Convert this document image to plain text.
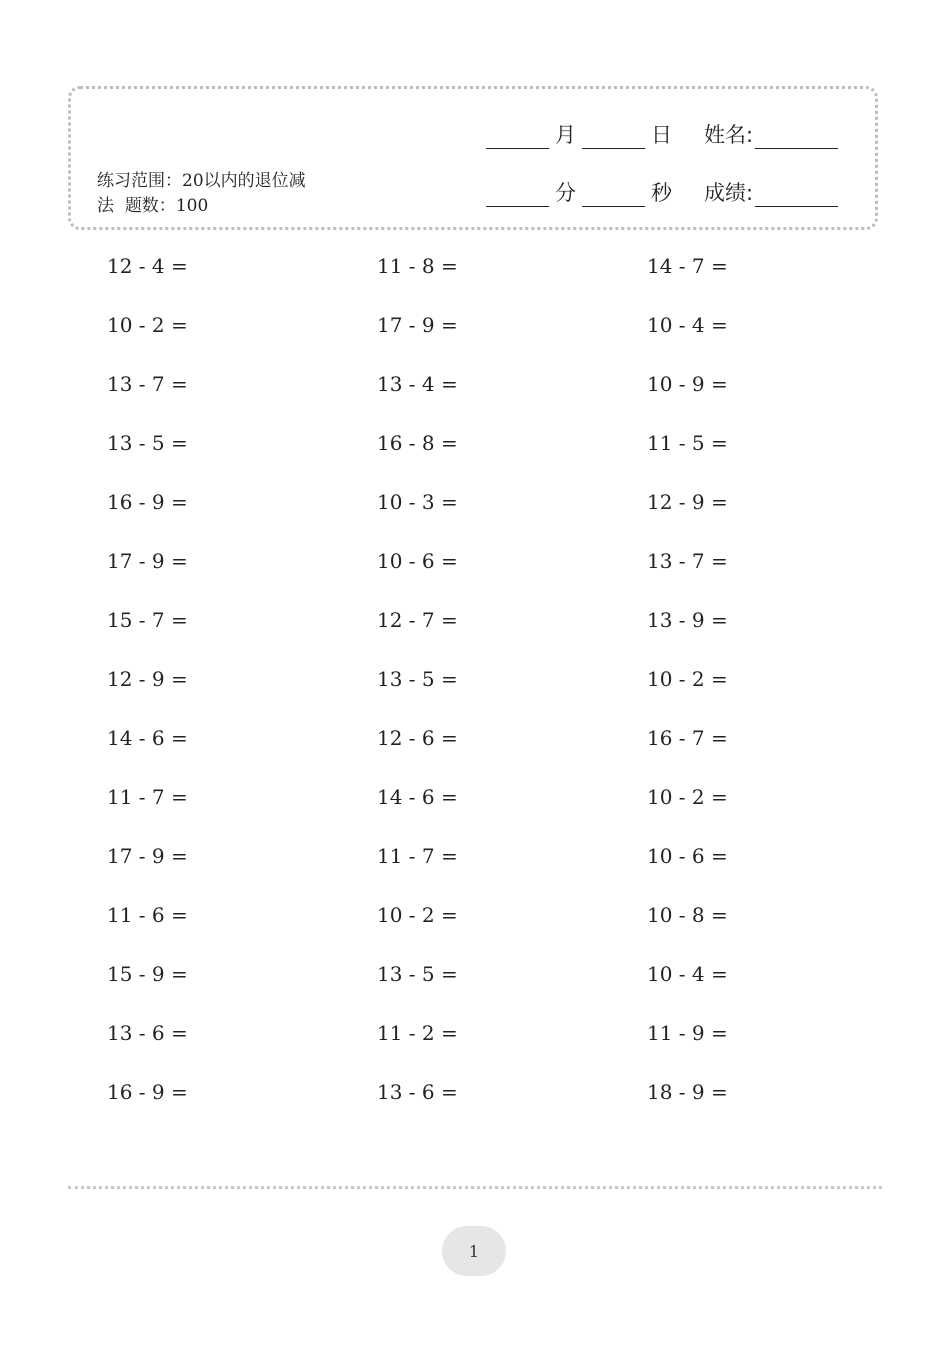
练习范围：20以内的退位减法 题数：100
月	日 姓名:
分	秒 成绩:
12 - 4 =	11 - 8 =	14 - 7 =
10 - 2 =	17 - 9 =	10 - 4 =
13 - 7 =	13 - 4 =	10 - 9 =
13 - 5 =	16 - 8 =	11 - 5 =
16 - 9 =	10 - 3 =	12 - 9 =
17 - 9 =	10 - 6 =	13 - 7 =
15 - 7 =	12 - 7 =	13 - 9 =
12 - 9 =	13 - 5 =	10 - 2 =
14 - 6 =	12 - 6 =	16 - 7 =
11 - 7 =	14 - 6 =	10 - 2 =
17 - 9 =	11 - 7 =	10 - 6 =
11 - 6 =	10 - 2 =	10 - 8 =
15 - 9 =	13 - 5 =	10 - 4 =
13 - 6 =	11 - 2 =	11 - 9 =
16 - 9 =	13 - 6 =	18 - 9 =
1
